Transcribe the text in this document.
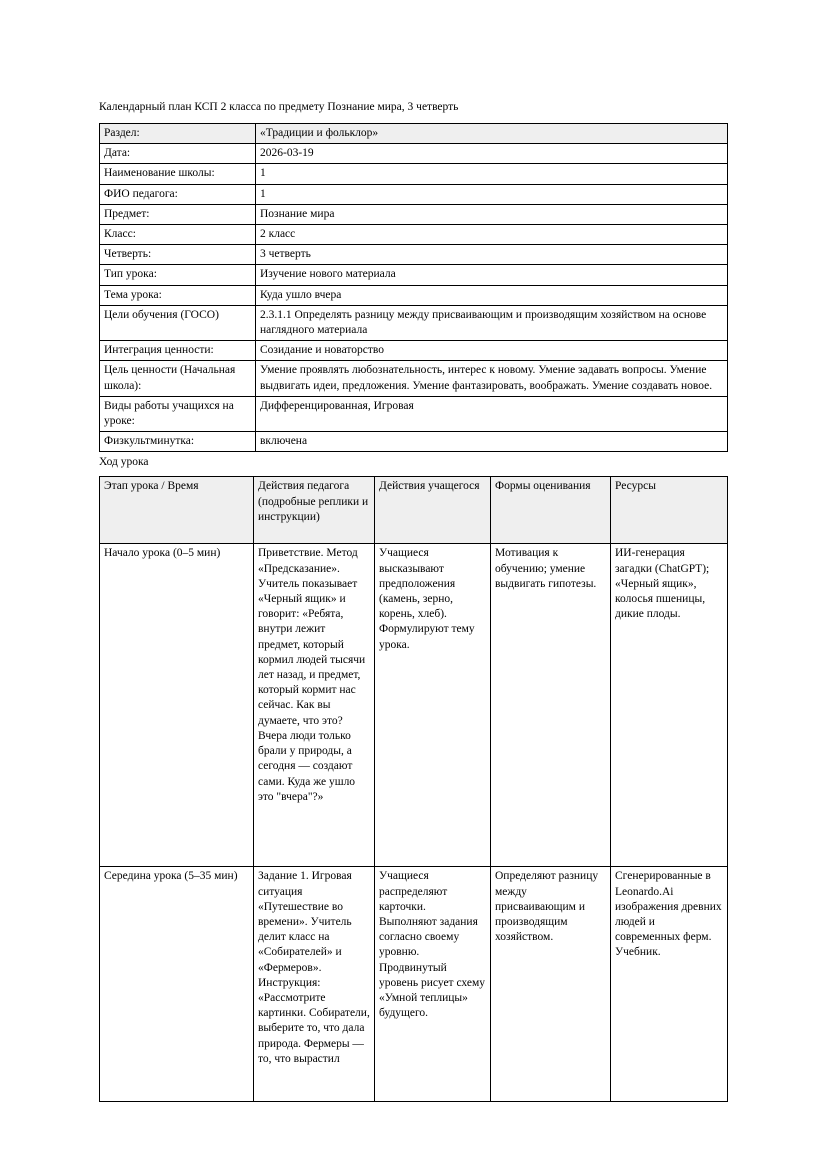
Календарный план КСП 2 класса по предмету Познание мира, 3 четверть
Раздел:	«Традиции и фольклор»
Дата:	2026-03-19
Наименование школы:	1
ФИО педагога:	1
Предмет:	Познание мира
Класс:	2 класс
Четверть:	3 четверть
Тип урока:	Изучение нового материала
Тема урока:	Куда ушло вчера
Цели обучения (ГОСО)	2.3.1.1 Определять разницу между присваивающим и производящим хозяйством на основе наглядного материала
Интеграция ценности:	Созидание и новаторство
Цель ценности (Начальная школа):	Умение проявлять любознательность, интерес к новому. Умение задавать вопросы. Умение выдвигать идеи, предложения. Умение фантазировать, воображать. Умение создавать новое.
Виды работы учащихся на уроке:	Дифференцированная, Игровая
Физкультминутка:	включена
Ход урока
Этап урока / Время	Действия педагога (подробные реплики и инструкции)	Действия учащегося	Формы оценивания	Ресурсы
Начало урока (0–5 мин)	Приветствие. Метод «Предсказание». Учитель показывает «Черный ящик» и говорит: «Ребята, внутри лежит предмет, который кормил людей тысячи лет назад, и предмет, который кормит нас сейчас. Как вы думаете, что это? Вчера люди только брали у природы, а сегодня — создают сами. Куда же ушло это "вчера"?»	Учащиеся высказывают предположения (камень, зерно, корень, хлеб). Формулируют тему урока.	Мотивация к обучению; умение выдвигать гипотезы.	ИИ-генерация загадки (ChatGPT); «Черный ящик», колосья пшеницы, дикие плоды.
Середина урока (5–35 мин)	Задание 1. Игровая ситуация «Путешествие во времени». Учитель делит класс на «Собирателей» и «Фермеров». Инструкция: «Рассмотрите картинки. Собиратели, выберите то, что дала природа. Фермеры — то, что вырастил	Учащиеся распределяют карточки. Выполняют задания согласно своему уровню. Продвинутый уровень рисует схему «Умной теплицы» будущего.	Определяют разницу между присваивающим и производящим хозяйством.	Сгенерированные в Leonardo.Ai изображения древних людей и современных ферм. Учебник.
